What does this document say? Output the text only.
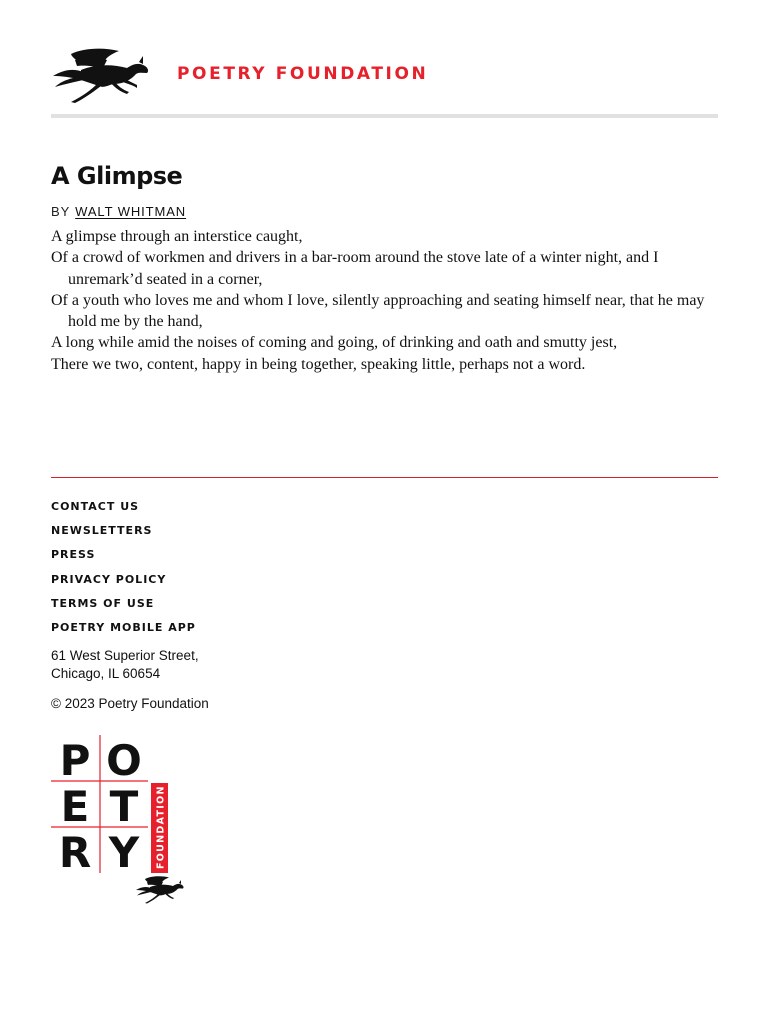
POETRY FOUNDATION
A Glimpse
BY WALT WHITMAN
A glimpse through an interstice caught,
Of a crowd of workmen and drivers in a bar-room around the stove late of a winter night, and I unremark’d seated in a corner,
Of a youth who loves me and whom I love, silently approaching and seating himself near, that he may hold me by the hand,
A long while amid the noises of coming and going, of drinking and oath and smutty jest,
There we two, content, happy in being together, speaking little, perhaps not a word.
CONTACT US
NEWSLETTERS
PRESS
PRIVACY POLICY
TERMS OF USE
POETRY MOBILE APP
61 West Superior Street,
Chicago, IL 60654
© 2023 Poetry Foundation
P O
E T
R Y FOUNDATION
